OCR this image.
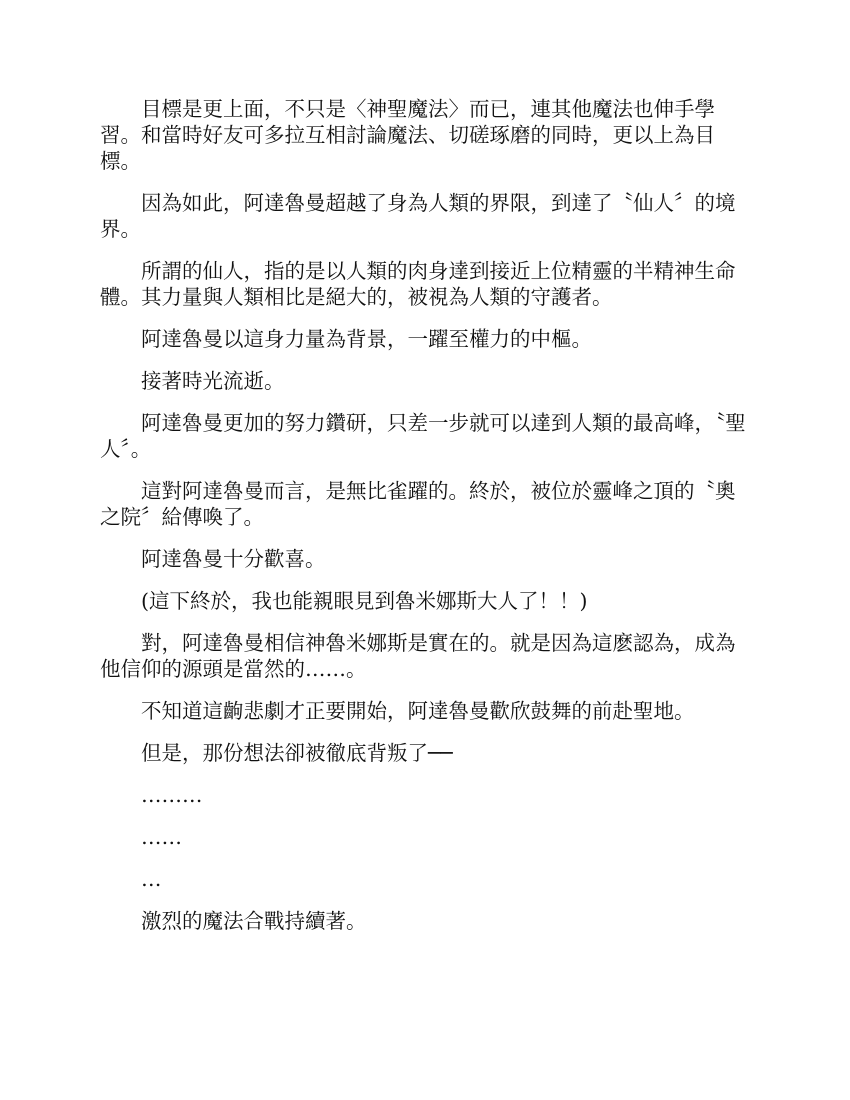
目標是更上面，不只是〈神聖魔法〉而已，連其他魔法也伸手學習。和當時好友可多拉互相討論魔法、切磋琢磨的同時，更以上為目標。

因為如此，阿達魯曼超越了身為人類的界限，到達了〝仙人〞的境界。

所謂的仙人，指的是以人類的肉身達到接近上位精靈的半精神生命體。其力量與人類相比是絕大的，被視為人類的守護者。

阿達魯曼以這身力量為背景，一躍至權力的中樞。

接著時光流逝。

阿達魯曼更加的努力鑽研，只差一步就可以達到人類的最高峰，〝聖人〞。

這對阿達魯曼而言，是無比雀躍的。終於，被位於靈峰之頂的〝奧之院〞給傳喚了。

阿達魯曼十分歡喜。

(這下終於，我也能親眼見到魯米娜斯大人了！！)

對，阿達魯曼相信神魯米娜斯是實在的。就是因為這麽認為，成為他信仰的源頭是當然的……。

不知道這齣悲劇才正要開始，阿達魯曼歡欣鼓舞的前赴聖地。

但是，那份想法卻被徹底背叛了──

………

……

…

激烈的魔法合戰持續著。
